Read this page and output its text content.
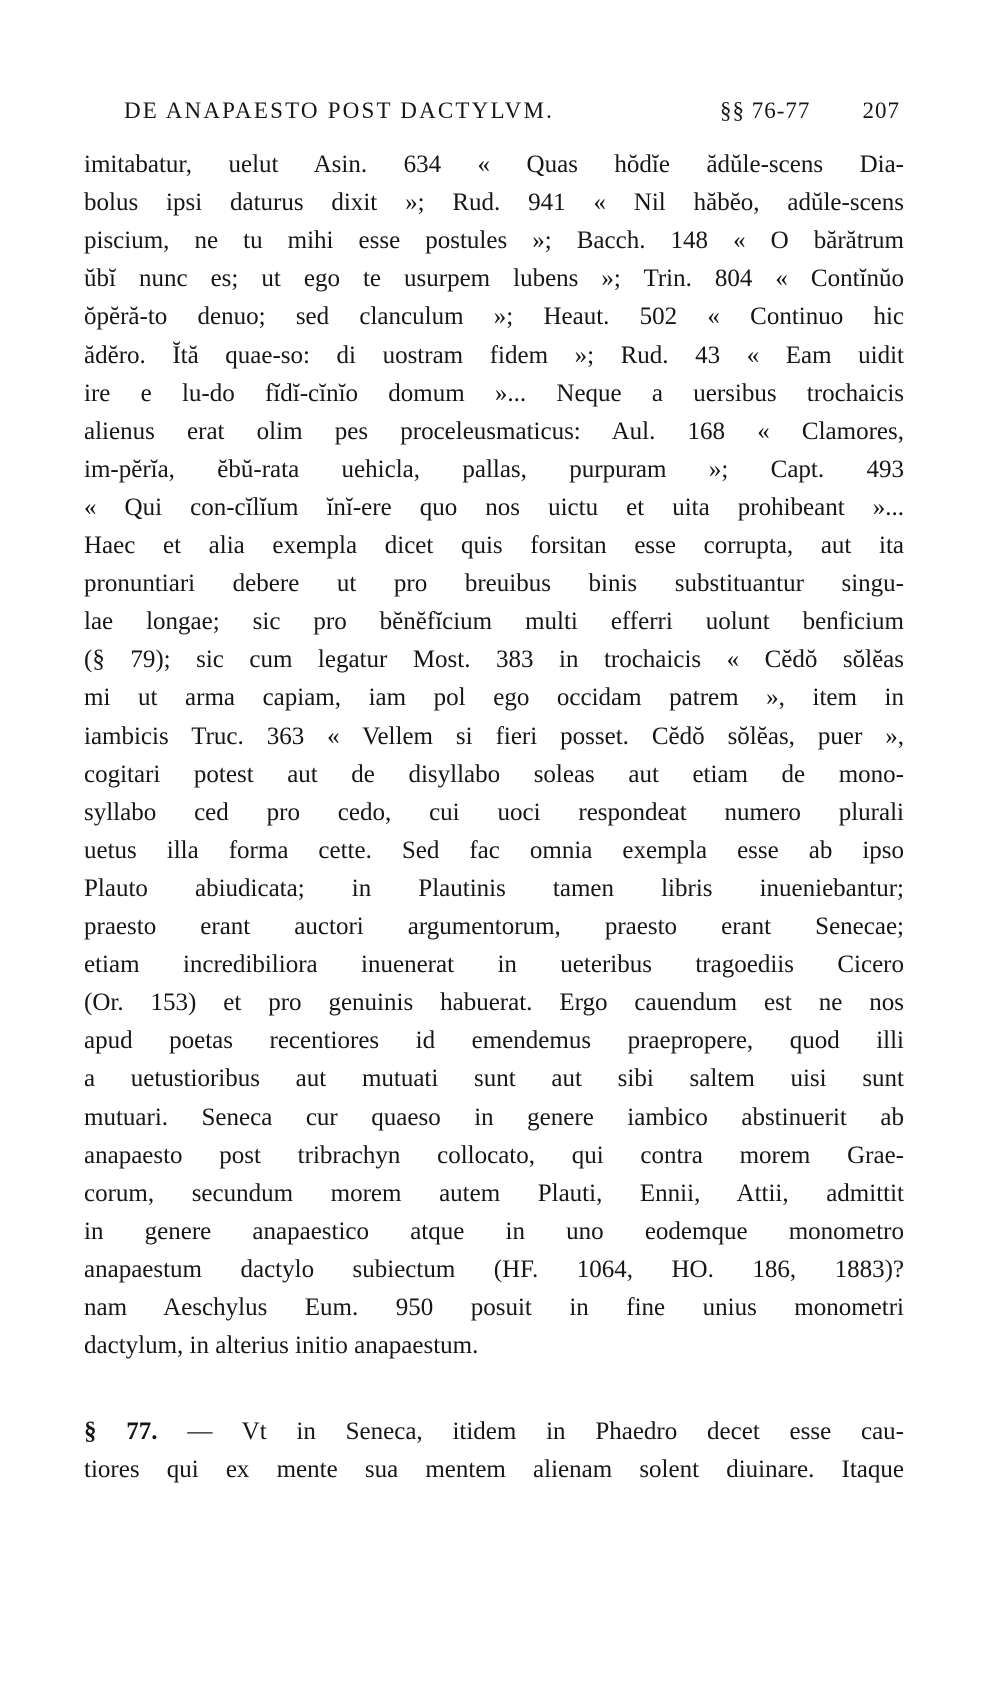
DE ANAPAESTO POST DACTYLVM.	§§ 76-77 207
imitabatur, uelut Asin. 634 « Quas hŏdĭe ădŭle-scens Dia-
bolus ipsi daturus dixit »; Rud. 941 « Nil hăbĕo, adŭle-scens
piscium, ne tu mihi esse postules »; Bacch. 148 « O bărătrum
ŭbĭ nunc es; ut ego te usurpem lubens »; Trin. 804 « Contĭnŭo
ŏpĕră-to denuo; sed clanculum »; Heaut. 502 « Continuo hic
ădĕro. Ĭtă quae-so: di uostram fidem »; Rud. 43 « Eam uidit
ire e lu-do fĭdĭ-cĭnĭo domum »... Neque a uersibus trochaicis
alienus erat olim pes proceleusmaticus: Aul. 168 « Clamores,
im-pĕrĭa, ĕbŭ-rata uehicla, pallas, purpuram »; Capt. 493
« Qui con-cĭlĭum ĭnĭ-ere quo nos uictu et uita prohibeant »...
Haec et alia exempla dicet quis forsitan esse corrupta, aut ita
pronuntiari debere ut pro breuibus binis substituantur singu-
lae longae; sic pro bĕnĕfĭcium multi efferri uolunt benficium
(§ 79); sic cum legatur Most. 383 in trochaicis « Cĕdŏ sŏlĕas
mi ut arma capiam, iam pol ego occidam patrem », item in
iambicis Truc. 363 « Vellem si fieri posset. Cĕdŏ sŏlĕas, puer »,
cogitari potest aut de disyllabo soleas aut etiam de mono-
syllabo ced pro cedo, cui uoci respondeat numero plurali
uetus illa forma cette. Sed fac omnia exempla esse ab ipso
Plauto abiudicata; in Plautinis tamen libris inueniebantur;
praesto erant auctori argumentorum, praesto erant Senecae;
etiam incredibiliora inuenerat in ueteribus tragoediis Cicero
(Or. 153) et pro genuinis habuerat. Ergo cauendum est ne nos
apud poetas recentiores id emendemus praepropere, quod illi
a uetustioribus aut mutuati sunt aut sibi saltem uisi sunt
mutuari. Seneca cur quaeso in genere iambico abstinuerit ab
anapaesto post tribrachyn collocato, qui contra morem Grae-
corum, secundum morem autem Plauti, Ennii, Attii, admittit
in genere anapaestico atque in uno eodemque monometro
anapaestum dactylo subiectum (HF. 1064, HO. 186, 1883)?
nam Aeschylus Eum. 950 posuit in fine unius monometri
dactylum, in alterius initio anapaestum.
§ 77. — Vt in Seneca, itidem in Phaedro decet esse cau-
tiores qui ex mente sua mentem alienam solent diuinare. Itaque
